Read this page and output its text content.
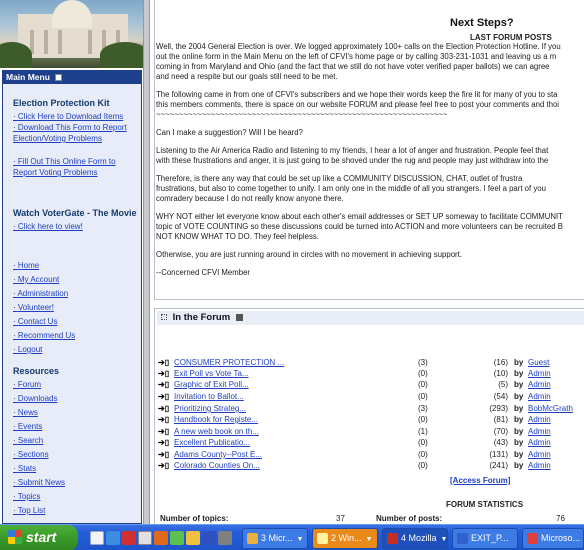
Main Menu
Election Protection Kit
· Click Here to Download Items
· Download This Form to Report Election/Voting Problems
· Fill Out This Online Form to Report Voting Problems
Watch VoterGate - The Movie
· Click here to view!
· Home
· My Account
· Administration
· Volunteer!
· Contact Us
· Recommend Us
· Logout
Resources
· Forum
· Downloads
· News
· Events
· Search
· Sections
· Stats
· Submit News
· Topics
· Top List
Next Steps?

Well, the 2004 General Election is over. We logged approximately 100+ calls on the Election Protection Hotline. If you
out the online form in the Main Menu on the left of CFVI's home page or by calling 303-231-1031 and leaving us a m
coming in from Maryland and Ohio (and the fact that we still do not have voter verified paper ballots) we can agree
and need a respite but our goals still need to be met.

The following came in from one of CFVI's subscribers and we hope their words keep the fire lit for many of you to sta
this members comments, there is space on our website FORUM and please feel free to post your comments and thoi
~~~~~~~~~~~~~~~~~~~~~~~~~~~~~~~~~~~~~~~~~~~~~~~~~~~~~~~~~~~~~~~~

Can I make a suggestion? Will I be heard?

Listening to the Air America Radio and listening to my friends, I hear a lot of anger and frustration. People feel that
with these frustrations and anger, it is just going to be shoved under the rug and people may just withdraw into the

Therefore, is there any way that could be set up like a COMMUNITY DISCUSSION, CHAT, outlet of frustra
frustrations, but also to come together to unify. I am only one in the middle of all you strangers. I feel a part of you
comradery because I do not really know anyone there.

WHY NOT either let everyone know about each other's email addresses or SET UP someway to facilitate COMMUNIT
topic of VOTE COUNTING so these discussions could be turned into ACTION and more volunteers can be recruited B
NOT KNOW WHAT TO DO. They feel helpless.

Otherwise, you are just running around in circles with no movement in achieving support.

--Concerned CFVI Member

In the Forum
LAST FORUM POSTS
➔▯ CONSUMER PROTECTION ...	(3)	(16) by Guest
➔▯ Exit Poll vs Vote Ta...	(0)	(10) by Admin
➔▯ Graphic of Exit Poll...	(0)	(5) by Admin
➔▯ Invitation to Ballot...	(0)	(54) by Admin
➔▯ Prioritizing Strateg...	(3)	(293) by BobMcGrath
➔▯ Handbook for Registe...	(0)	(81) by Admin
➔▯ A new web book on th...	(1)	(70) by Admin
➔▯ Excellent Publicatio...	(0)	(43) by Admin
➔▯ Adams County--Post E...	(0)	(131) by Admin
➔▯ Colorado Counties On...	(0)	(241) by Admin
[Access Forum]
FORUM STATISTICS
Number of topics:	37	Number of posts:	76
start	3 Micr... ▼	2 Win... ▼	4 Mozilla ▼	EXIT_P...	Microso...
